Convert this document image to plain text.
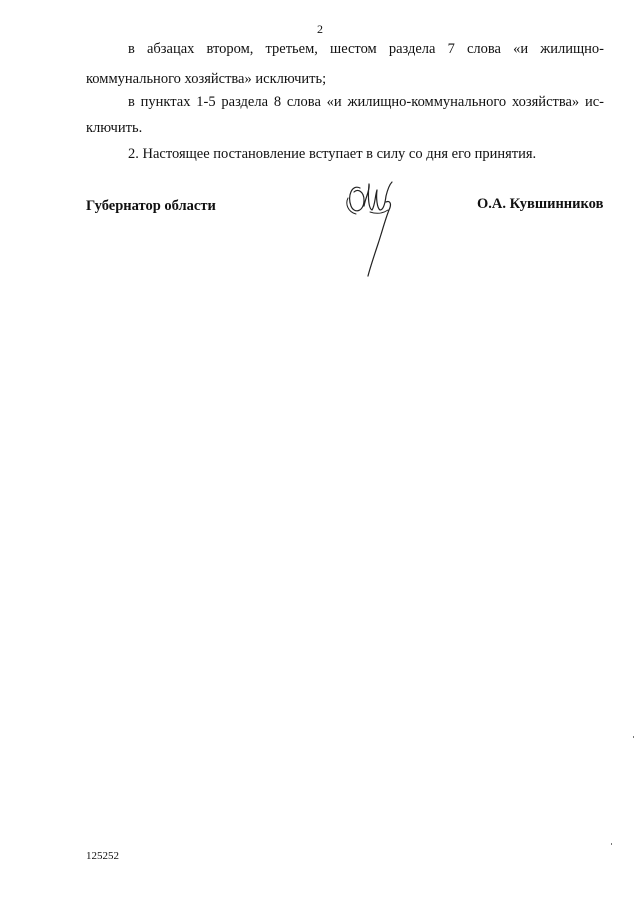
2
в абзацах втором, третьем, шестом раздела 7 слова «и жилищно-
коммунального хозяйства» исключить;
в пунктах 1-5 раздела 8 слова «и жилищно-коммунального хозяйства» ис-
ключить.
2. Настоящее постановление вступает в силу со дня его принятия.
Губернатор области	О.А. Кувшинников
125252
